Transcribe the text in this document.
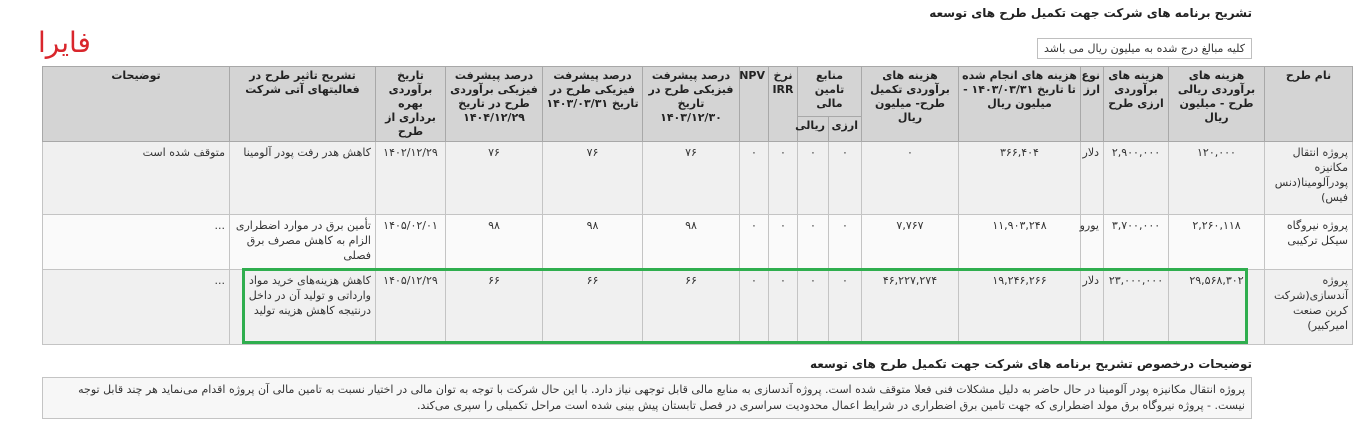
تشریح برنامه های شرکت جهت تکمیل طرح های توسعه
فایرا	کلیه مبالغ درج شده به میلیون ریال می باشد
نام طرح	هزینه های برآوردی ریالی طرح - میلیون ریال	هزینه های برآوردی ارزی طرح	نوع ارز	هزینه های انجام شده تا تاریخ ۱۴۰۳/۰۳/۳۱ - میلیون ریال	هزینه های برآوردی تکمیل طرح- میلیون ریال	منابع تامین مالی		نرخ IRR	NPV	درصد پیشرفت فیزیکی طرح در تاریخ ۱۴۰۳/۱۲/۳۰	درصد پیشرفت فیزیکی طرح در تاریخ ۱۴۰۳/۰۳/۳۱	درصد پیشرفت فیزیکی برآوردی طرح در تاریخ ۱۴۰۴/۱۲/۲۹	تاریخ برآوردی بهره برداری از طرح	تشریح تاثیر طرح در فعالیتهای آتی شرکت	توضیحات
						ارزی	ریالی								
پروژه انتقال مکانیزه پودرآلومینا(دنس فیس)	۱۲۰,۰۰۰	۲,۹۰۰,۰۰۰	دلار	۳۶۶,۴۰۴	۰	۰	۰	۰	۰	۷۶	۷۶	۷۶	۱۴۰۲/۱۲/۲۹	کاهش هدر رفت پودر آلومینا	متوقف شده است
پروژه نیروگاه سیکل ترکیبی	۲,۲۶۰,۱۱۸	۳,۷۰۰,۰۰۰	یورو	۱۱,۹۰۳,۲۴۸	۷,۷۶۷	۰	۰	۰	۰	۹۸	۹۸	۹۸	۱۴۰۵/۰۲/۰۱	تأمین برق در موارد اضطراری الزام به کاهش مصرف برق فصلی	...
پروژه آندسازی(شرکت کربن صنعت امیرکبیر)	۲۹,۵۶۸,۳۰۲	۲۳,۰۰۰,۰۰۰	دلار	۱۹,۲۴۶,۲۶۶	۴۶,۲۲۷,۲۷۴	۰	۰	۰	۰	۶۶	۶۶	۶۶	۱۴۰۵/۱۲/۲۹	کاهش هزینه‌های خرید مواد وارداتی و تولید آن در داخل ، درنتیجه کاهش هزینه تولید	...
توضیحات درخصوص تشریح برنامه های شرکت جهت تکمیل طرح های توسعه
پروژه انتقال مکانیزه پودر آلومینا در حال حاضر به دلیل مشکلات فنی فعلا متوقف شده است. پروژه آندسازی به منابع مالی قابل توجهی نیاز دارد. با این حال شرکت با توجه به توان مالی در اختیار نسبت به تامین مالی آن پروژه اقدام می‌نماید هر چند قابل توجه نیست. - پروژه نیروگاه برق مولد اضطراری که جهت تامین برق اضطراری در شرایط اعمال محدودیت سراسری در فصل تابستان پیش بینی شده است مراحل تکمیلی را سپری می‌کند.
